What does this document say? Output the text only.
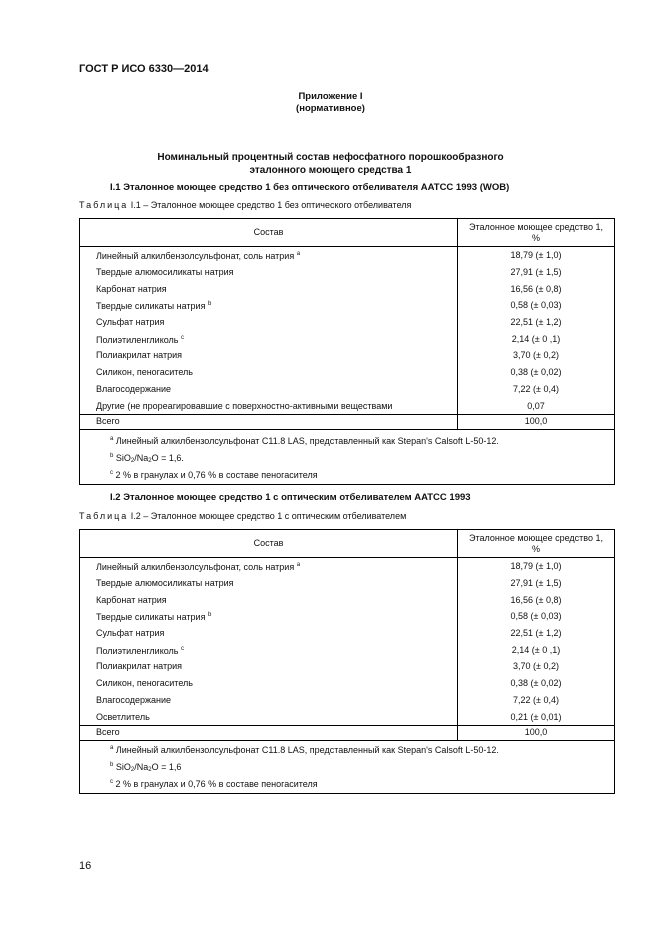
ГОСТ Р ИСО 6330—2014
Приложение I
(нормативное)
Номинальный процентный состав нефосфатного порошкообразного
эталонного моющего средства 1
I.1 Эталонное моющее средство 1 без оптического отбеливателя AATCC 1993 (WOB)
Таблица I.1 – Эталонное моющее средство 1 без оптического отбеливателя
Состав	Эталонное моющее средство 1,
%
Линейный алкилбензолсульфонат, соль натрия $^a$	18,79 (± 1,0)
Твердые алюмосиликаты натрия	27,91 (± 1,5)
Карбонат натрия	16,56 (± 0,8)
Твердые силикаты натрия $^b$	0,58 (± 0,03)
Сульфат натрия	22,51 (± 1,2)
Полиэтиленгликоль $^c$	2,14 (± 0 ,1)
Полиакрилат натрия	3,70 (± 0,2)
Силикон, пеногаситель	0,38 (± 0,02)
Влагосодержание	7,22 (± 0,4)
Другие (не прореагировавшие с поверхностно-активными веществами	0,07
Всего	100,0

$^a$ Линейный алкилбензолсульфонат C11.8 LAS, представленный как Stepan's Calsoft L-50-12.
$^b$ $SiO_2/Na_2O = 1,6$.
$^c$ 2 % в гранулах и 0,76 % в составе пеногасителя	
I.2 Эталонное моющее средство 1 с оптическим отбеливателем AATCC 1993
Таблица I.2 – Эталонное моющее средство 1 с оптическим отбеливателем
Состав	Эталонное моющее средство 1,
%
Линейный алкилбензолсульфонат, соль натрия $^a$	18,79 (± 1,0)
Твердые алюмосиликаты натрия	27,91 (± 1,5)
Карбонат натрия	16,56 (± 0,8)
Твердые силикаты натрия $^b$	0,58 (± 0,03)
Сульфат натрия	22,51 (± 1,2)
Полиэтиленгликоль $^c$	2,14 (± 0 ,1)
Полиакрилат натрия	3,70 (± 0,2)
Силикон, пеногаситель	0,38 (± 0,02)
Влагосодержание	7,22 (± 0,4)
Осветлитель	0,21 (± 0,01)
Всего	100,0

$^a$ Линейный алкилбензолсульфонат C11.8 LAS, представленный как Stepan's Calsoft L-50-12.
$^b$ $SiO_2/Na_2O = 1,6$
$^c$ 2 % в гранулах и 0,76 % в составе пеногасителя	
16
